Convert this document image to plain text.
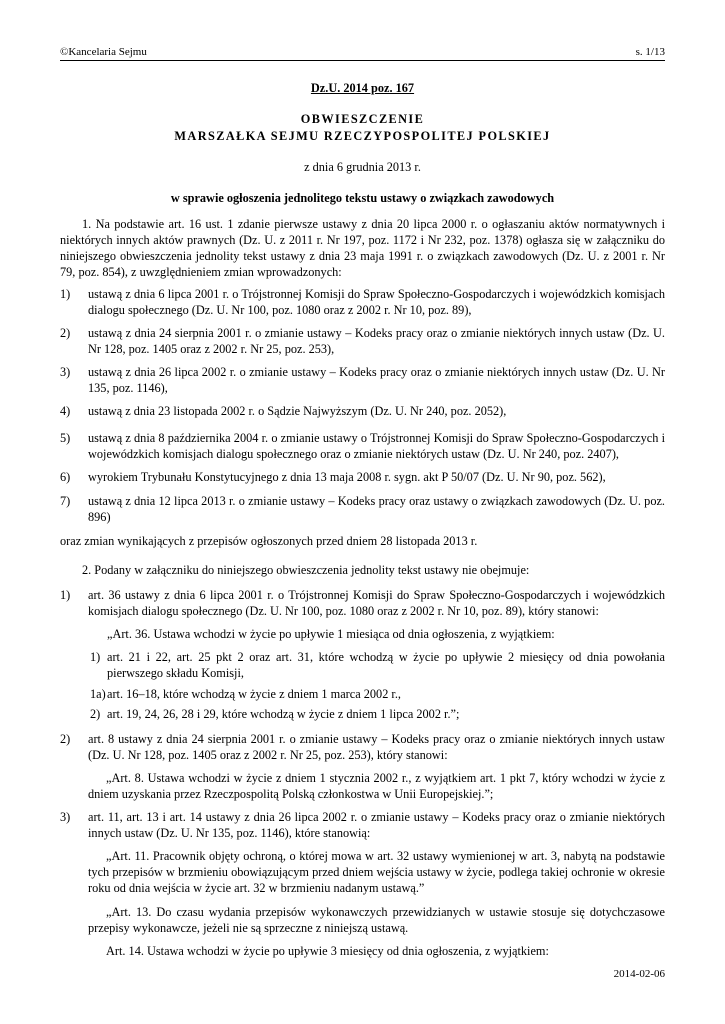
©Kancelaria Sejmu	s. 1/13
Dz.U. 2014 poz. 167
OBWIESZCZENIE
MARSZAŁKA SEJMU RZECZYPOSPOLITEJ POLSKIEJ
z dnia 6 grudnia 2013 r.
w sprawie ogłoszenia jednolitego tekstu ustawy o związkach zawodowych
1. Na podstawie art. 16 ust. 1 zdanie pierwsze ustawy z dnia 20 lipca 2000 r. o ogłaszaniu aktów normatywnych i niektórych innych aktów prawnych (Dz. U. z 2011 r. Nr 197, poz. 1172 i Nr 232, poz. 1378) ogłasza się w załączniku do niniejszego obwieszczenia jednolity tekst ustawy z dnia 23 maja 1991 r. o związkach zawodowych (Dz. U. z 2001 r. Nr 79, poz. 854), z uwzględnieniem zmian wprowadzonych:
1) ustawą z dnia 6 lipca 2001 r. o Trójstronnej Komisji do Spraw Społeczno-Gospodarczych i wojewódzkich komisjach dialogu społecznego (Dz. U. Nr 100, poz. 1080 oraz z 2002 r. Nr 10, poz. 89),
2) ustawą z dnia 24 sierpnia 2001 r. o zmianie ustawy – Kodeks pracy oraz o zmianie niektórych innych ustaw (Dz. U. Nr 128, poz. 1405 oraz z 2002 r. Nr 25, poz. 253),
3) ustawą z dnia 26 lipca 2002 r. o zmianie ustawy – Kodeks pracy oraz o zmianie niektórych innych ustaw (Dz. U. Nr 135, poz. 1146),
4) ustawą z dnia 23 listopada 2002 r. o Sądzie Najwyższym (Dz. U. Nr 240, poz. 2052),
5) ustawą z dnia 8 października 2004 r. o zmianie ustawy o Trójstronnej Komisji do Spraw Społeczno-Gospodarczych i wojewódzkich komisjach dialogu społecznego oraz o zmianie niektórych ustaw (Dz. U. Nr 240, poz. 2407),
6) wyrokiem Trybunału Konstytucyjnego z dnia 13 maja 2008 r. sygn. akt P 50/07 (Dz. U. Nr 90, poz. 562),
7) ustawą z dnia 12 lipca 2013 r. o zmianie ustawy – Kodeks pracy oraz ustawy o związkach zawodowych (Dz. U. poz. 896)
oraz zmian wynikających z przepisów ogłoszonych przed dniem 28 listopada 2013 r.
2. Podany w załączniku do niniejszego obwieszczenia jednolity tekst ustawy nie obejmuje:
1) art. 36 ustawy z dnia 6 lipca 2001 r. o Trójstronnej Komisji do Spraw Społeczno-Gospodarczych i wojewódzkich komisjach dialogu społecznego (Dz. U. Nr 100, poz. 1080 oraz z 2002 r. Nr 10, poz. 89), który stanowi:
„Art. 36. Ustawa wchodzi w życie po upływie 1 miesiąca od dnia ogłoszenia, z wyjątkiem:
1) art. 21 i 22, art. 25 pkt 2 oraz art. 31, które wchodzą w życie po upływie 2 miesięcy od dnia powołania pierwszego składu Komisji,
1a) art. 16–18, które wchodzą w życie z dniem 1 marca 2002 r.,
2) art. 19, 24, 26, 28 i 29, które wchodzą w życie z dniem 1 lipca 2002 r.”;
2) art. 8 ustawy z dnia 24 sierpnia 2001 r. o zmianie ustawy – Kodeks pracy oraz o zmianie niektórych innych ustaw (Dz. U. Nr 128, poz. 1405 oraz z 2002 r. Nr 25, poz. 253), który stanowi:
„Art. 8. Ustawa wchodzi w życie z dniem 1 stycznia 2002 r., z wyjątkiem art. 1 pkt 7, który wchodzi w życie z dniem uzyskania przez Rzeczpospolitą Polską członkostwa w Unii Europejskiej.”;
3) art. 11, art. 13 i art. 14 ustawy z dnia 26 lipca 2002 r. o zmianie ustawy – Kodeks pracy oraz o zmianie niektórych innych ustaw (Dz. U. Nr 135, poz. 1146), które stanowią:
„Art. 11. Pracownik objęty ochroną, o której mowa w art. 32 ustawy wymienionej w art. 3, nabytą na podstawie tych przepisów w brzmieniu obowiązującym przed dniem wejścia ustawy w życie, podlega takiej ochronie w okresie roku od dnia wejścia w życie art. 32 w brzmieniu nadanym ustawą.”
„Art. 13. Do czasu wydania przepisów wykonawczych przewidzianych w ustawie stosuje się dotychczasowe przepisy wykonawcze, jeżeli nie są sprzeczne z niniejszą ustawą.
Art. 14. Ustawa wchodzi w życie po upływie 3 miesięcy od dnia ogłoszenia, z wyjątkiem:
2014-02-06
